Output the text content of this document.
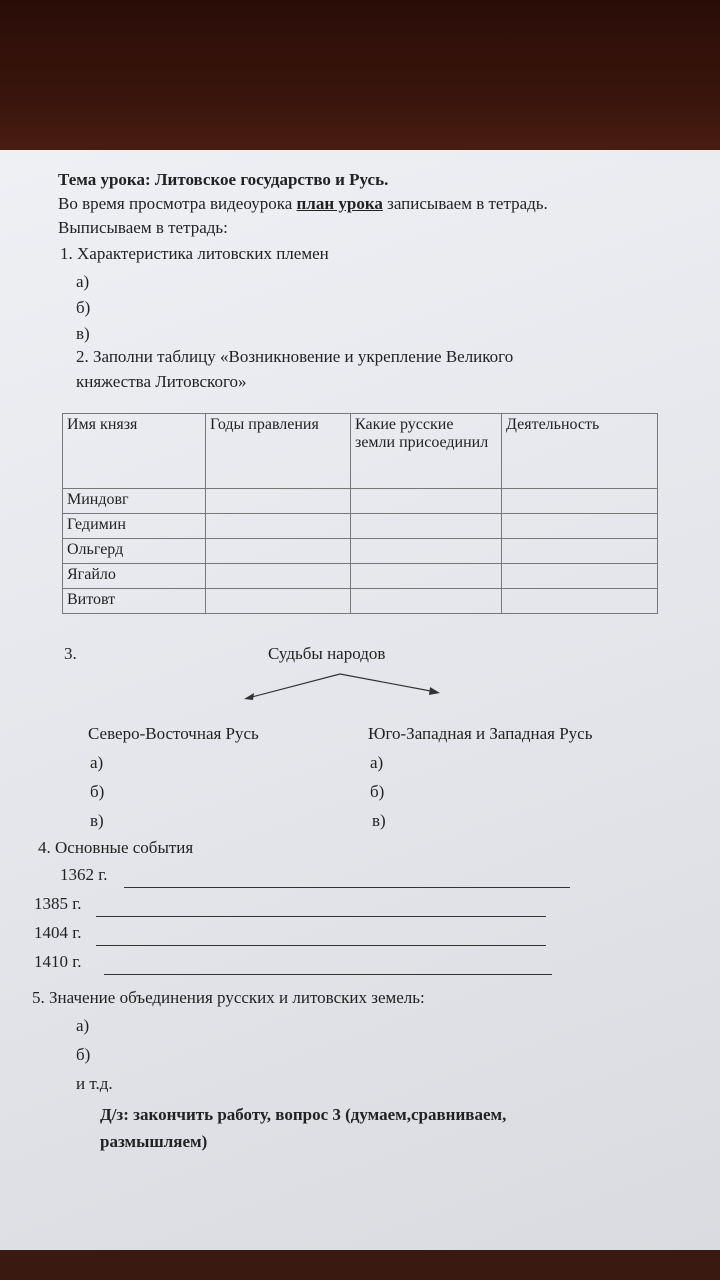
Тема урока: Литовское государство и Русь.
Во время просмотра видеоурока план урока записываем в тетрадь.
Выписываем в тетрадь:
1. Характеристика литовских племен
а)
б)
в)
2. Заполни таблицу «Возникновение и укрепление Великого
княжества Литовского»
Имя князя	Годы правления	Какие русские земли присоединил	Деятельность
Миндовг			
Гедимин			
Ольгерд			
Ягайло			
Витовт			
3.	Судьбы народов
Северо-Восточная Русь	Юго-Западная и Западная Русь
а)
б)
в)
а)
б)
в)
4. Основные события
1362 г.
1385 г.
1404 г.
1410 г.
5. Значение объединения русских и литовских земель:
а)
б)
и т.д.
Д/з: закончить работу, вопрос 3 (думаем,сравниваем,
размышляем)
